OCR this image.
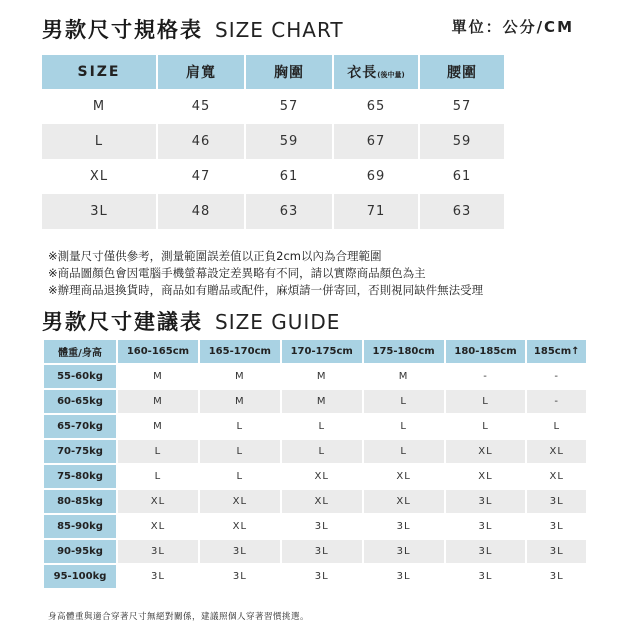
男款尺寸規格表 SIZE CHART	單位：公分/CM
SIZE	肩寬	胸圍	衣長(後中量)	腰圍
M	45	57	65	57
L	46	59	67	59
XL	47	61	69	61
3L	48	63	71	63
※測量尺寸僅供參考，測量範圍誤差值以正負2cm以內為合理範圍
※商品圖顏色會因電腦手機螢幕設定差異略有不同，請以實際商品顏色為主
※辦理商品退換貨時，商品如有贈品或配件，麻煩請一併寄回，否則視同缺件無法受理
男款尺寸建議表 SIZE GUIDE
體重/身高	160-165cm	165-170cm	170-175cm	175-180cm	180-185cm	185cm↑
55-60kg	M	M	M	M	-	-
60-65kg	M	M	M	L	L	-
65-70kg	M	L	L	L	L	L
70-75kg	L	L	L	L	XL	XL
75-80kg	L	L	XL	XL	XL	XL
80-85kg	XL	XL	XL	XL	3L	3L
85-90kg	XL	XL	3L	3L	3L	3L
90-95kg	3L	3L	3L	3L	3L	3L
95-100kg	3L	3L	3L	3L	3L	3L
身高體重與適合穿著尺寸無絕對關係，建議照個人穿著習慣挑選。
